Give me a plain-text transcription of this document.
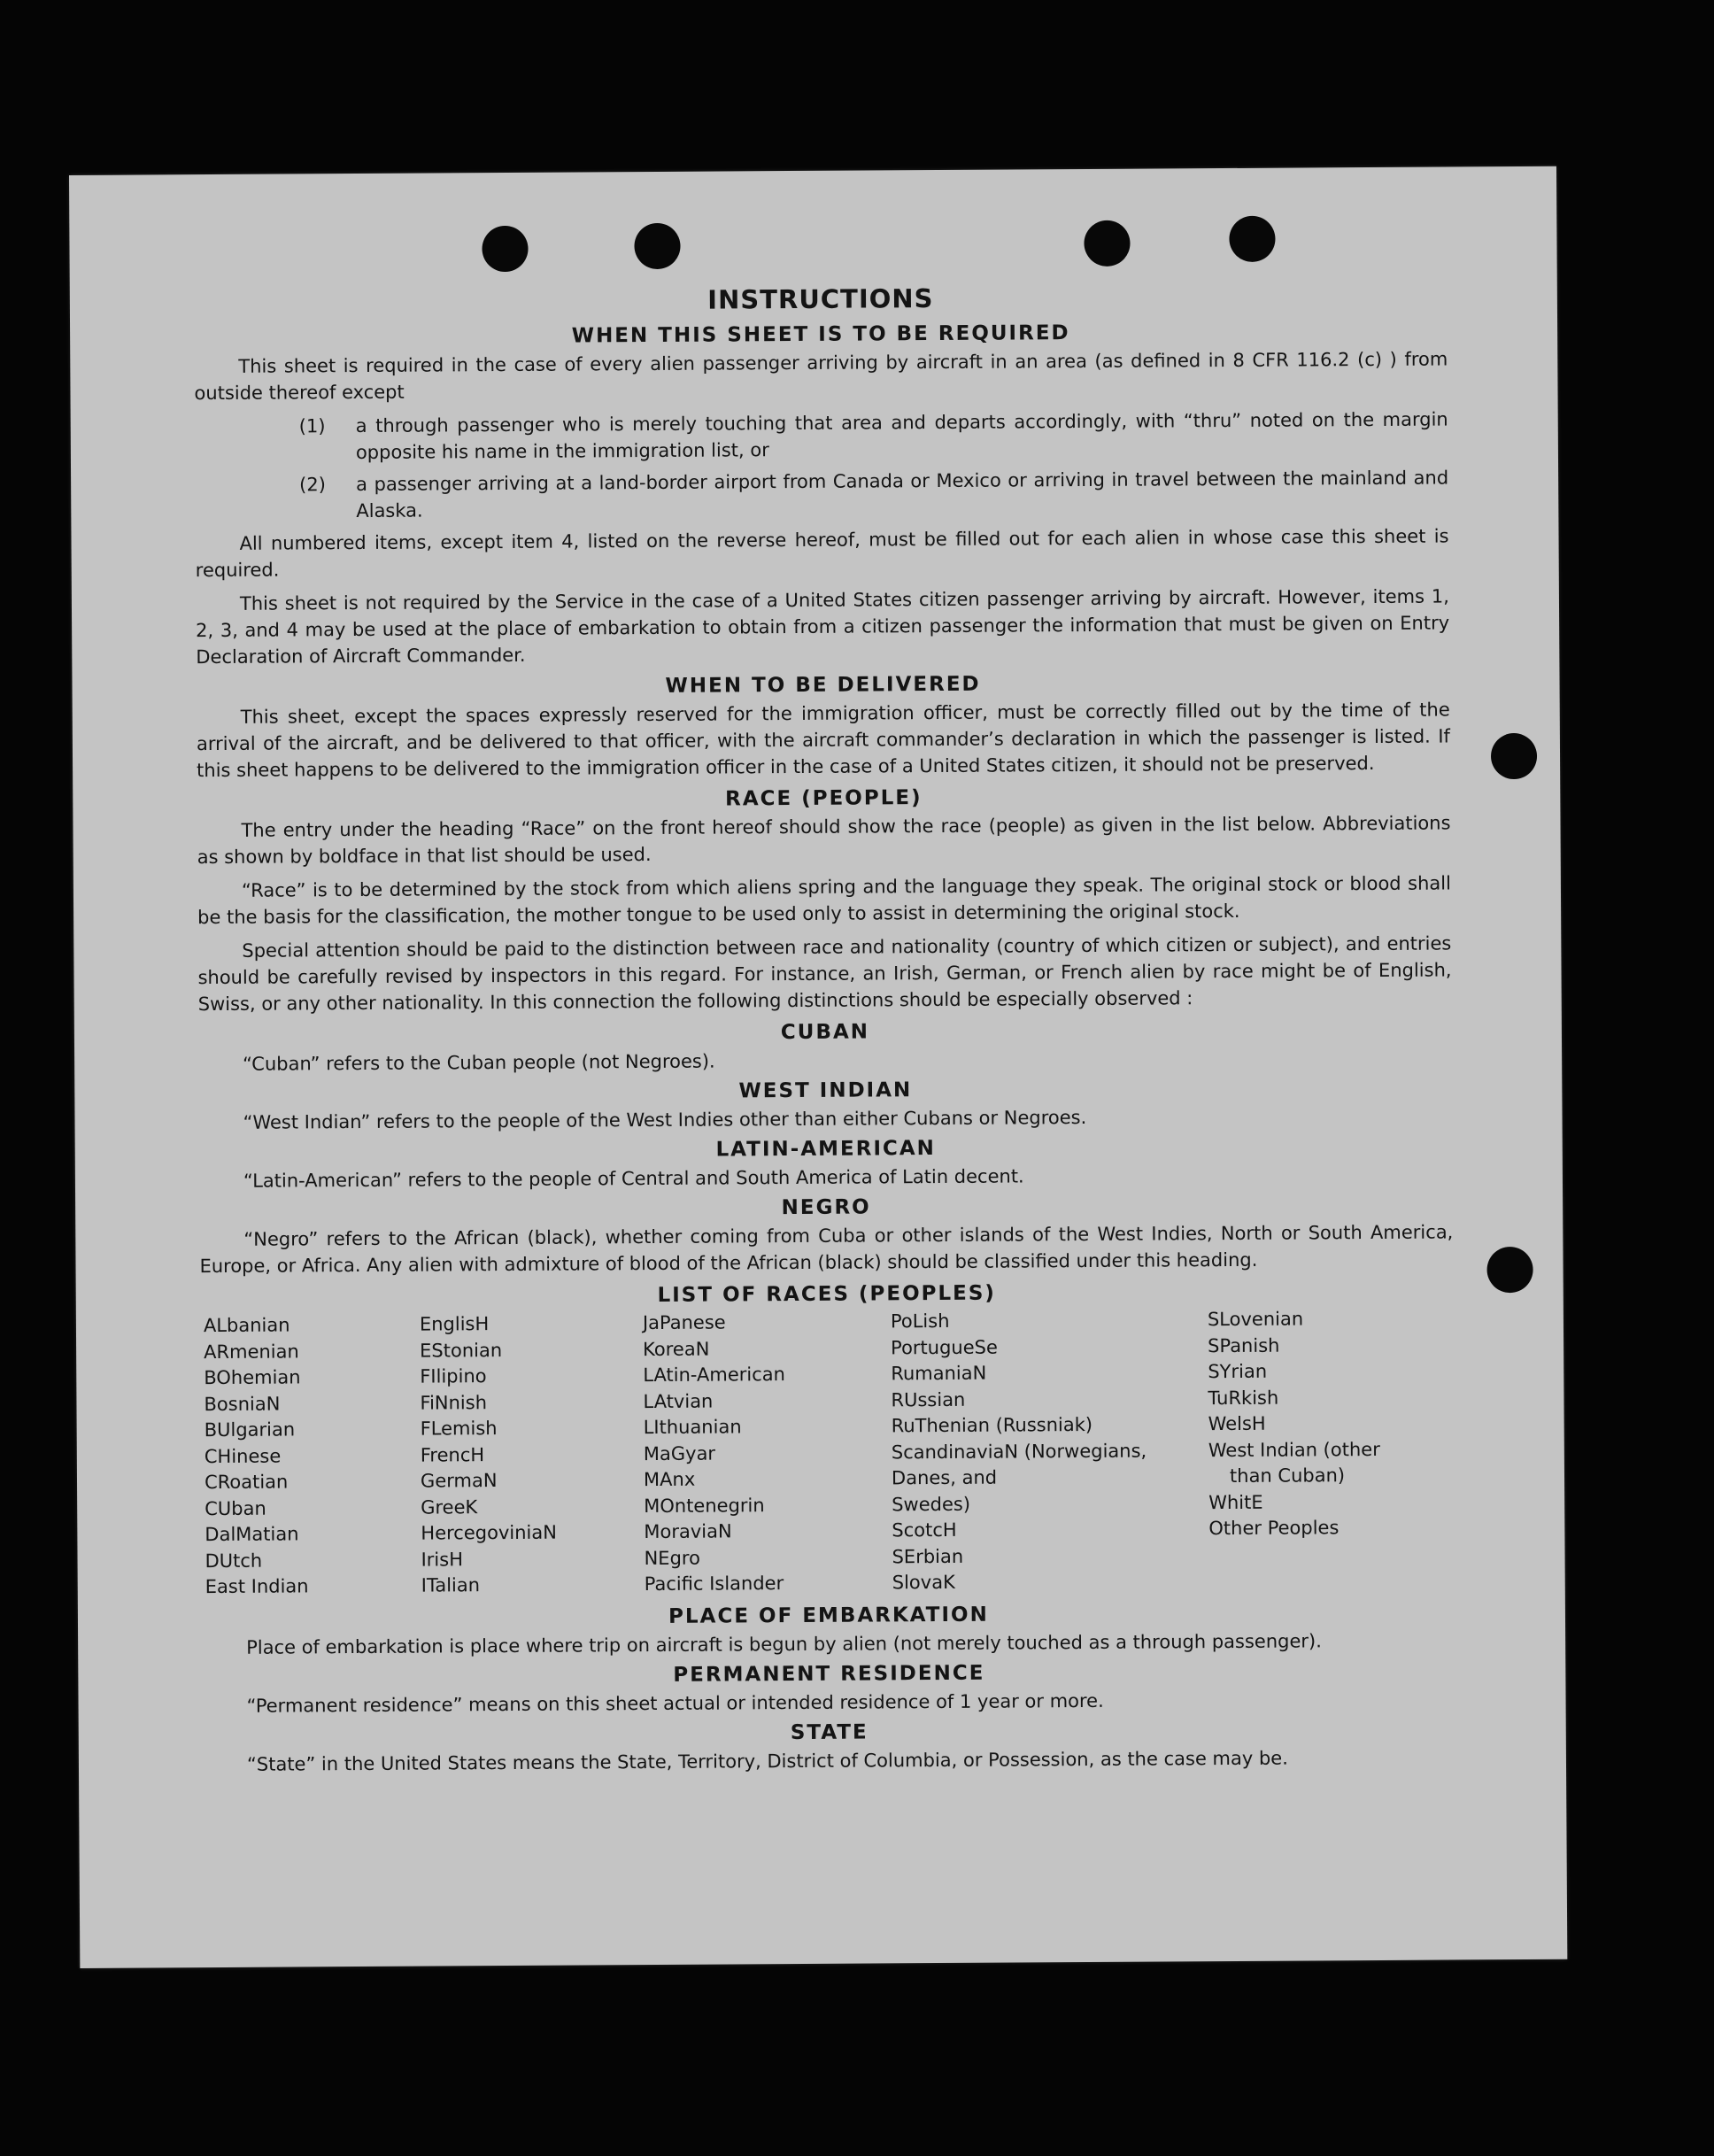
INSTRUCTIONS
WHEN THIS SHEET IS TO BE REQUIRED

This sheet is required in the case of every alien passenger arriving by aircraft in an area (as defined in 8 CFR 116.2 (c) ) from outside thereof except

(1)	a through passenger who is merely touching that area and departs accordingly, with “thru” noted on the margin opposite his name in the immigration list, or
(2)	a passenger arriving at a land-border airport from Canada or Mexico or arriving in travel between the mainland and Alaska.

All numbered items, except item 4, listed on the reverse hereof, must be filled out for each alien in whose case this sheet is required.

This sheet is not required by the Service in the case of a United States citizen passenger arriving by aircraft. However, items 1, 2, 3, and 4 may be used at the place of embarkation to obtain from a citizen passenger the information that must be given on Entry Declaration of Aircraft Commander.

WHEN TO BE DELIVERED

This sheet, except the spaces expressly reserved for the immigration officer, must be correctly filled out by the time of the arrival of the aircraft, and be delivered to that officer, with the aircraft commander’s declaration in which the passenger is listed. If this sheet happens to be delivered to the immigration officer in the case of a United States citizen, it should not be preserved.

RACE (PEOPLE)

The entry under the heading “Race” on the front hereof should show the race (people) as given in the list below. Abbreviations as shown by boldface in that list should be used.

“Race” is to be determined by the stock from which aliens spring and the language they speak. The original stock or blood shall be the basis for the classification, the mother tongue to be used only to assist in determining the original stock.

Special attention should be paid to the distinction between race and nationality (country of which citizen or subject), and entries should be carefully revised by inspectors in this regard. For instance, an Irish, German, or French alien by race might be of English, Swiss, or any other nationality. In this connection the following distinctions should be especially observed :

CUBAN
“Cuban” refers to the Cuban people (not Negroes).
WEST INDIAN
“West Indian” refers to the people of the West Indies other than either Cubans or Negroes.
LATIN-AMERICAN
“Latin-American” refers to the people of Central and South America of Latin decent.
NEGRO

“Negro” refers to the African (black), whether coming from Cuba or other islands of the West Indies, North or South America, Europe, or Africa. Any alien with admixture of blood of the African (black) should be classified under this heading.

LIST OF RACES (PEOPLES)
ALbanian
ARmenian
BOhemian
BosniaN
BUlgarian
CHinese
CRoatian
CUban
DalMatian
DUtch
East Indian
EnglisH
EStonian
FIlipino
FiNnish
FLemish
FrencH
GermaN
GreeK
HercegoviniaN
IrisH
ITalian
JaPanese
KoreaN
LAtin-American
LAtvian
LIthuanian
MaGyar
MAnx
MOntenegrin
MoraviaN
NEgro
Pacific Islander
PoLish
PortugueSe
RumaniaN
RUssian
RuThenian (Russniak)
ScandinaviaN (Norwegians,
Danes, and
Swedes)
ScotcH
SErbian
SlovaK
SLovenian
SPanish
SYrian
TuRkish
WelsH
West Indian (other
than Cuban)
WhitE
Other Peoples
PLACE OF EMBARKATION
Place of embarkation is place where trip on aircraft is begun by alien (not merely touched as a through passenger).
PERMANENT RESIDENCE
“Permanent residence” means on this sheet actual or intended residence of 1 year or more.
STATE
“State” in the United States means the State, Territory, District of Columbia, or Possession, as the case may be.
